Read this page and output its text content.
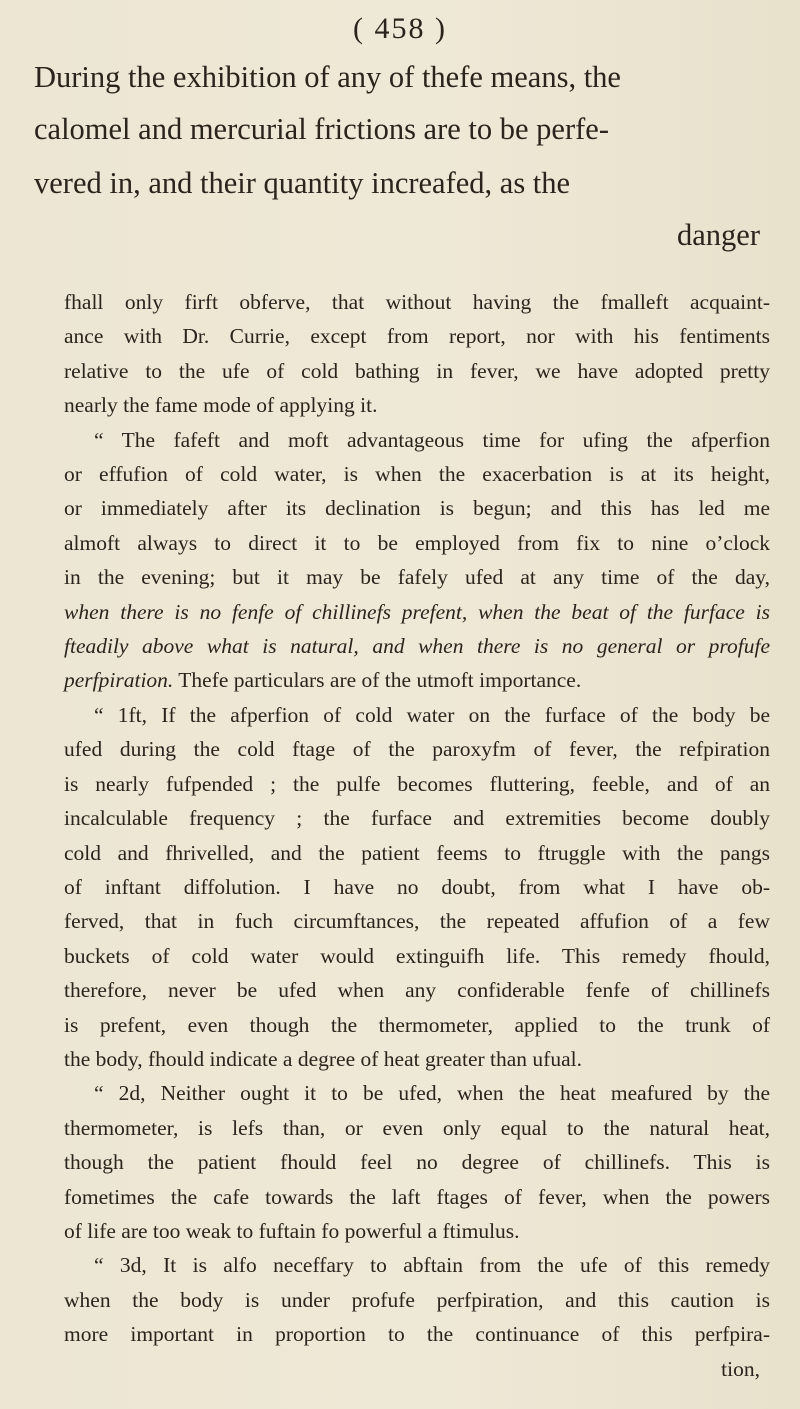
( 458 )
During the exhibition of any of thefe means, the
calomel and mercurial frictions are to be perfe-
vered in, and their quantity increafed, as the
danger
fhall only firft obferve, that without having the fmalleft acquaint-
ance with Dr. Currie, except from report, nor with his fentiments
relative to the ufe of cold bathing in fever, we have adopted pretty
nearly the fame mode of applying it.
“ The fafeft and moft advantageous time for ufing the afperfion
or effufion of cold water, is when the exacerbation is at its height,
or immediately after its declination is begun; and this has led me
almoft always to direct it to be employed from fix to nine o’clock
in the evening; but it may be fafely ufed at any time of the day,
when there is no fenfe of chillinefs prefent, when the beat of the furface is
fteadily above what is natural, and when there is no general or profufe
perfpiration. Thefe particulars are of the utmoft importance.
“ 1ft, If the afperfion of cold water on the furface of the body be
ufed during the cold ftage of the paroxyfm of fever, the refpiration
is nearly fufpended ; the pulfe becomes fluttering, feeble, and of an
incalculable frequency ; the furface and extremities become doubly
cold and fhrivelled, and the patient feems to ftruggle with the pangs
of inftant diffolution. I have no doubt, from what I have ob-
ferved, that in fuch circumftances, the repeated affufion of a few
buckets of cold water would extinguifh life. This remedy fhould,
therefore, never be ufed when any confiderable fenfe of chillinefs
is prefent, even though the thermometer, applied to the trunk of
the body, fhould indicate a degree of heat greater than ufual.
“ 2d, Neither ought it to be ufed, when the heat meafured by the
thermometer, is lefs than, or even only equal to the natural heat,
though the patient fhould feel no degree of chillinefs. This is
fometimes the cafe towards the laft ftages of fever, when the powers
of life are too weak to fuftain fo powerful a ftimulus.
“ 3d, It is alfo neceffary to abftain from the ufe of this remedy
when the body is under profufe perfpiration, and this caution is
more important in proportion to the continuance of this perfpira-
tion,
